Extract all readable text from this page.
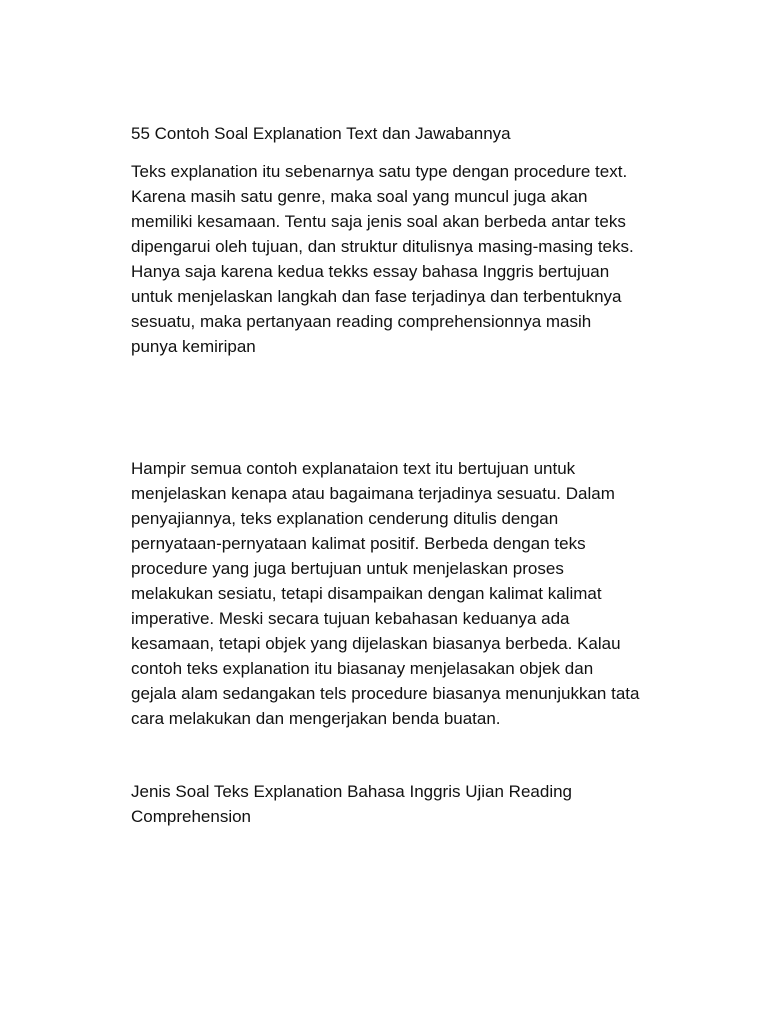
55 Contoh Soal Explanation Text dan Jawabannya

Teks explanation itu sebenarnya satu type dengan procedure text. Karena masih satu genre, maka soal yang muncul juga akan memiliki kesamaan. Tentu saja jenis soal akan berbeda antar teks dipengarui oleh tujuan, dan struktur ditulisnya masing-masing teks. Hanya saja karena kedua tekks essay bahasa Inggris bertujuan untuk menjelaskan langkah dan fase terjadinya dan terbentuknya sesuatu, maka pertanyaan reading comprehensionnya masih punya kemiripan

Hampir semua contoh explanataion text itu bertujuan untuk menjelaskan kenapa atau bagaimana terjadinya sesuatu. Dalam penyajiannya, teks explanation cenderung ditulis dengan pernyataan-pernyataan kalimat positif. Berbeda dengan teks procedure yang juga bertujuan untuk menjelaskan proses melakukan sesiatu, tetapi disampaikan dengan kalimat kalimat imperative. Meski secara tujuan kebahasan keduanya ada kesamaan, tetapi objek yang dijelaskan biasanya berbeda. Kalau contoh teks explanation itu biasanay menjelasakan objek dan gejala alam sedangakan tels procedure biasanya menunjukkan tata cara melakukan dan mengerjakan benda buatan.

Jenis Soal Teks Explanation Bahasa Inggris Ujian Reading Comprehension
